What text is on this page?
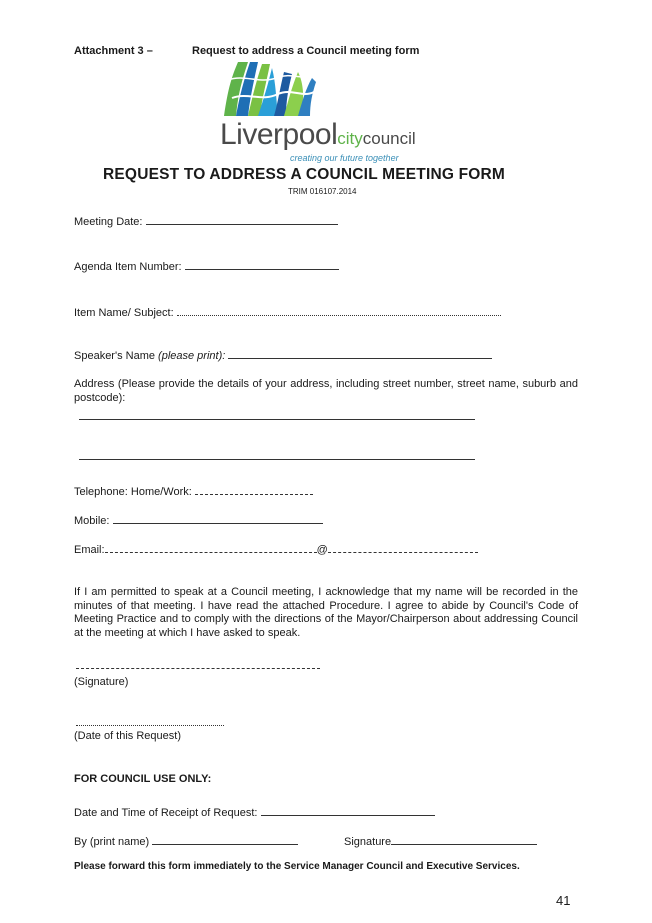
Attachment 3 –	Request to address a Council meeting form
Liverpoolcitycouncil
creating our future together
REQUEST TO ADDRESS A COUNCIL MEETING FORM
TRIM 016107.2014
Meeting Date:
Agenda Item Number:
Item Name/ Subject:
Speaker's Name (please print):
Address (Please provide the details of your address, including street number, street name, suburb and postcode):
Telephone: Home/Work:
Mobile:
Email:	@
If I am permitted to speak at a Council meeting, I acknowledge that my name will be recorded in the minutes of that meeting. I have read the attached Procedure. I agree to abide by Council's Code of Meeting Practice and to comply with the directions of the Mayor/Chairperson about addressing Council at the meeting at which I have asked to speak.
(Signature)
(Date of this Request)
FOR COUNCIL USE ONLY:
Date and Time of Receipt of Request:
By (print name)	Signature
Please forward this form immediately to the Service Manager Council and Executive Services.
41
